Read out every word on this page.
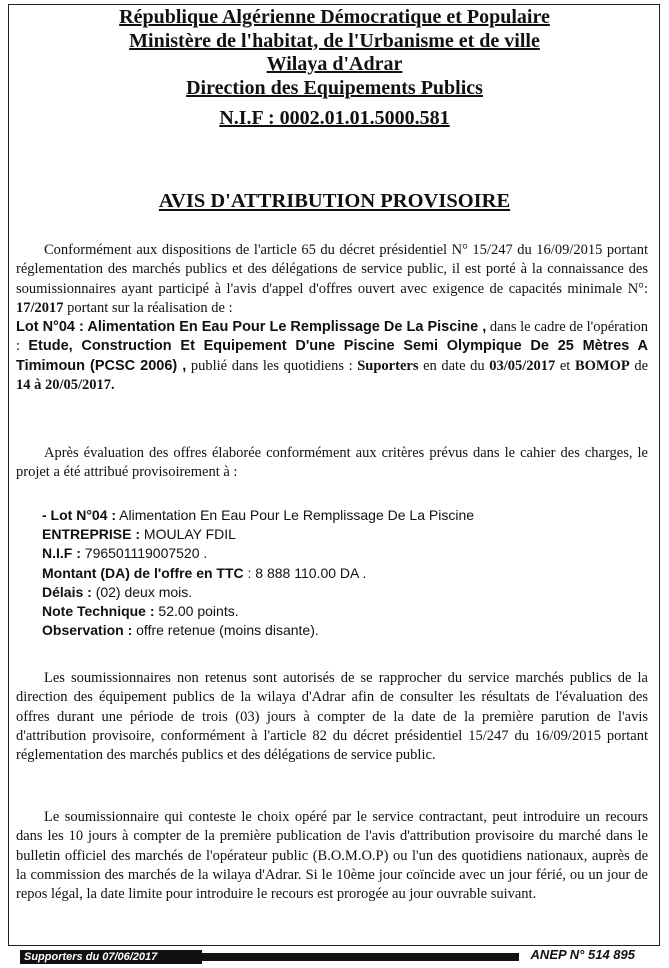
République Algérienne Démocratique et Populaire
Ministère de l'habitat, de l'Urbanisme et de ville
Wilaya d'Adrar
Direction des Equipements Publics
N.I.F : 0002.01.01.5000.581
AVIS D'ATTRIBUTION PROVISOIRE
Conformément aux dispositions de l'article 65 du décret présidentiel N° 15/247 du 16/09/2015 portant réglementation des marchés publics et des délégations de service public, il est porté à la connaissance des soumissionnaires ayant participé à l'avis d'appel d'offres ouvert avec exigence de capacités minimale N°: 17/2017 portant sur la réalisation de :
Lot N°04 : Alimentation En Eau Pour Le Remplissage De La Piscine , dans le cadre de l'opération : Etude, Construction Et Equipement D'une Piscine Semi Olympique De 25 Mètres A Timimoun (PCSC 2006) , publié dans les quotidiens : Suporters en date du 03/05/2017 et BOMOP de 14 à 20/05/2017.
Après évaluation des offres élaborée conformément aux critères prévus dans le cahier des charges, le projet a été attribué provisoirement à :
- Lot N°04 : Alimentation En Eau Pour Le Remplissage De La Piscine
ENTREPRISE : MOULAY FDIL
N.I.F : 796501119007520 .
Montant (DA) de l'offre en TTC : 8 888 110.00 DA .
Délais : (02) deux mois.
Note Technique : 52.00 points.
Observation : offre retenue (moins disante).
Les soumissionnaires non retenus sont autorisés de se rapprocher du service marchés publics de la direction des équipement publics de la wilaya d'Adrar afin de consulter les résultats de l'évaluation des offres durant une période de trois (03) jours à compter de la date de la première parution de l'avis d'attribution provisoire, conformément à l'article 82 du décret présidentiel 15/247 du 16/09/2015 portant réglementation des marchés publics et des délégations de service public.
Le soumissionnaire qui conteste le choix opéré par le service contractant, peut introduire un recours dans les 10 jours à compter de la première publication de l'avis d'attribution provisoire du marché dans le bulletin officiel des marchés de l'opérateur public (B.O.M.O.P) ou l'un des quotidiens nationaux, auprès de la commission des marchés de la wilaya d'Adrar. Si le 10ème jour coïncide avec un jour férié, ou un jour de repos légal, la date limite pour introduire le recours est prorogée au jour ouvrable suivant.
Supporters du 07/06/2017	ANEP N° 514 895
